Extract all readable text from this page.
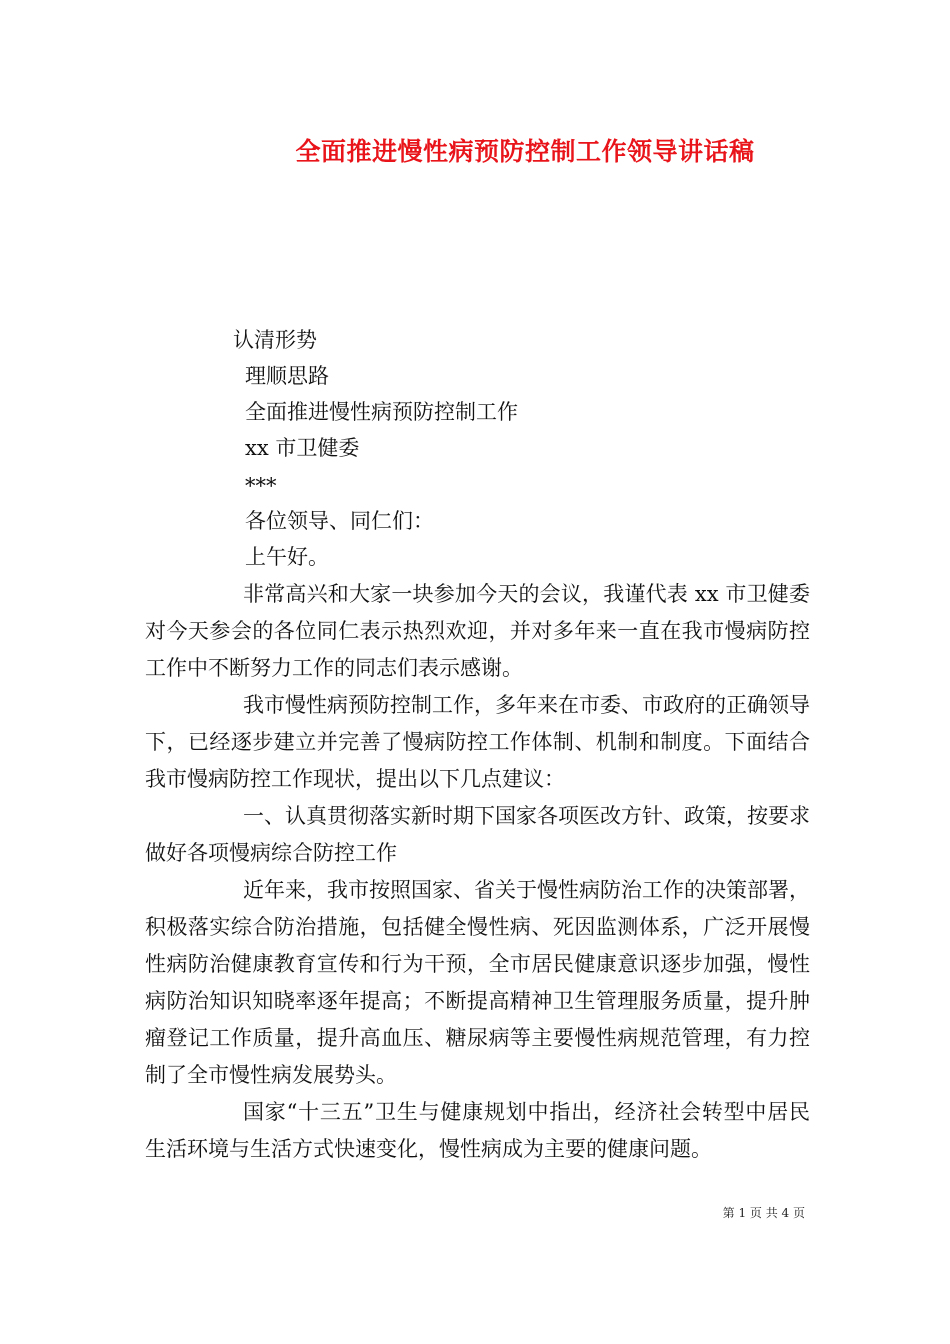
全面推进慢性病预防控制工作领导讲话稿
认清形势
理顺思路
全面推进慢性病预防控制工作
xx 市卫健委
***
各位领导、同仁们：
上午好。

非常高兴和大家一块参加今天的会议，我谨代表 xx 市卫健委对今天参会的各位同仁表示热烈欢迎，并对多年来一直在我市慢病防控工作中不断努力工作的同志们表示感谢。

我市慢性病预防控制工作，多年来在市委、市政府的正确领导下，已经逐步建立并完善了慢病防控工作体制、机制和制度。下面结合我市慢病防控工作现状，提出以下几点建议：

一、认真贯彻落实新时期下国家各项医改方针、政策，按要求做好各项慢病综合防控工作

近年来，我市按照国家、省关于慢性病防治工作的决策部署，积极落实综合防治措施，包括健全慢性病、死因监测体系，广泛开展慢性病防治健康教育宣传和行为干预，全市居民健康意识逐步加强，慢性病防治知识知晓率逐年提高；不断提高精神卫生管理服务质量，提升肿瘤登记工作质量，提升高血压、糖尿病等主要慢性病规范管理，有力控制了全市慢性病发展势头。

国家“十三五”卫生与健康规划中指出，经济社会转型中居民生活环境与生活方式快速变化，慢性病成为主要的健康问题。

第 1 页 共 4 页
